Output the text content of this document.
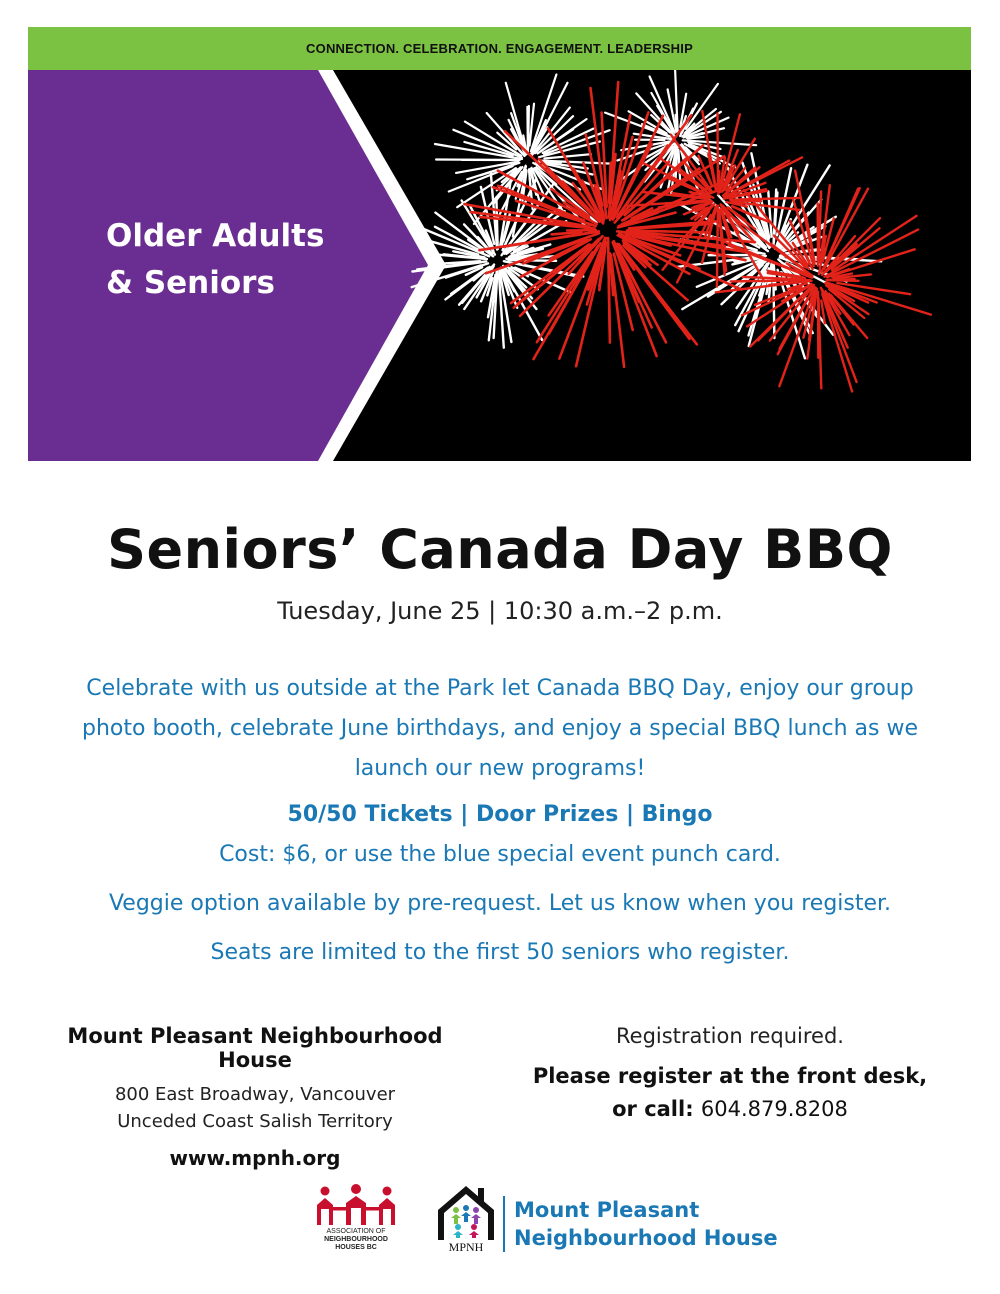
CONNECTION. CELEBRATION. ENGAGEMENT. LEADERSHIP
Older Adults
& Seniors
Seniors’ Canada Day BBQ
Tuesday, June 25 | 10:30 a.m.–2 p.m.
Celebrate with us outside at the Park let Canada BBQ Day, enjoy our group photo booth, celebrate June birthdays, and enjoy a special BBQ lunch as we launch our new programs!
50/50 Tickets | Door Prizes | Bingo
Cost: $6, or use the blue special event punch card.
Veggie option available by pre-request. Let us know when you register.
Seats are limited to the first 50 seniors who register.
Mount Pleasant Neighbourhood House
800 East Broadway, Vancouver
Unceded Coast Salish Territory
www.mpnh.org
Registration required.
Please register at the front desk,
or call: 604.879.8208
ASSOCIATION OF
NEIGHBOURHOOD
HOUSES BC	MPNH
Mount Pleasant
Neighbourhood House
